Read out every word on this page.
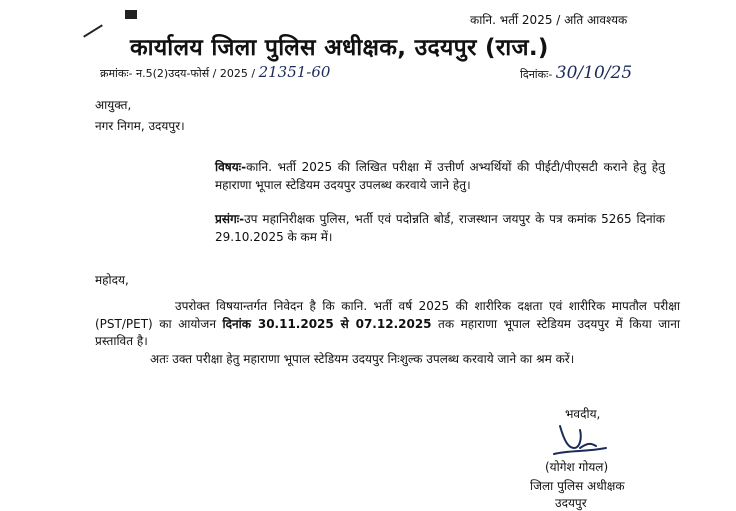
कानि. भर्ती 2025 / अति आवश्यक
कार्यालय जिला पुलिस अधीक्षक, उदयपुर (राज.)
क्रमांकः- न.5(2)उदय-फोर्स / 2025 / 21351-60	दिनांकः- 30/10/25
आयुक्त,
नगर निगम, उदयपुर।
विषयः-कानि. भर्ती 2025 की लिखित परीक्षा में उत्तीर्ण अभ्यर्थियों की पीईटी/पीएसटी कराने हेतु हेतु महाराणा भूपाल स्टेडियम उदयपुर उपलब्ध करवाये जाने हेतु।
प्रसंगः-उप महानिरीक्षक पुलिस, भर्ती एवं पदोन्नति बोर्ड, राजस्थान जयपुर के पत्र कमांक 5265 दिनांक 29.10.2025 के कम में।
महोदय,
उपरोक्त विषयान्तर्गत निवेदन है कि कानि. भर्ती वर्ष 2025 की शारीरिक दक्षता एवं शारीरिक मापतौल परीक्षा (PST/PET) का आयोजन दिनांक 30.11.2025 से 07.12.2025 तक महाराणा भूपाल स्टेडियम उदयपुर में किया जाना प्रस्तावित है।
अतः उक्त परीक्षा हेतु महाराणा भूपाल स्टेडियम उदयपुर निःशुल्क उपलब्ध करवाये जाने का श्रम करें।
भवदीय,
(योगेश गोयल)
जिला पुलिस अधीक्षक
उदयपुर
